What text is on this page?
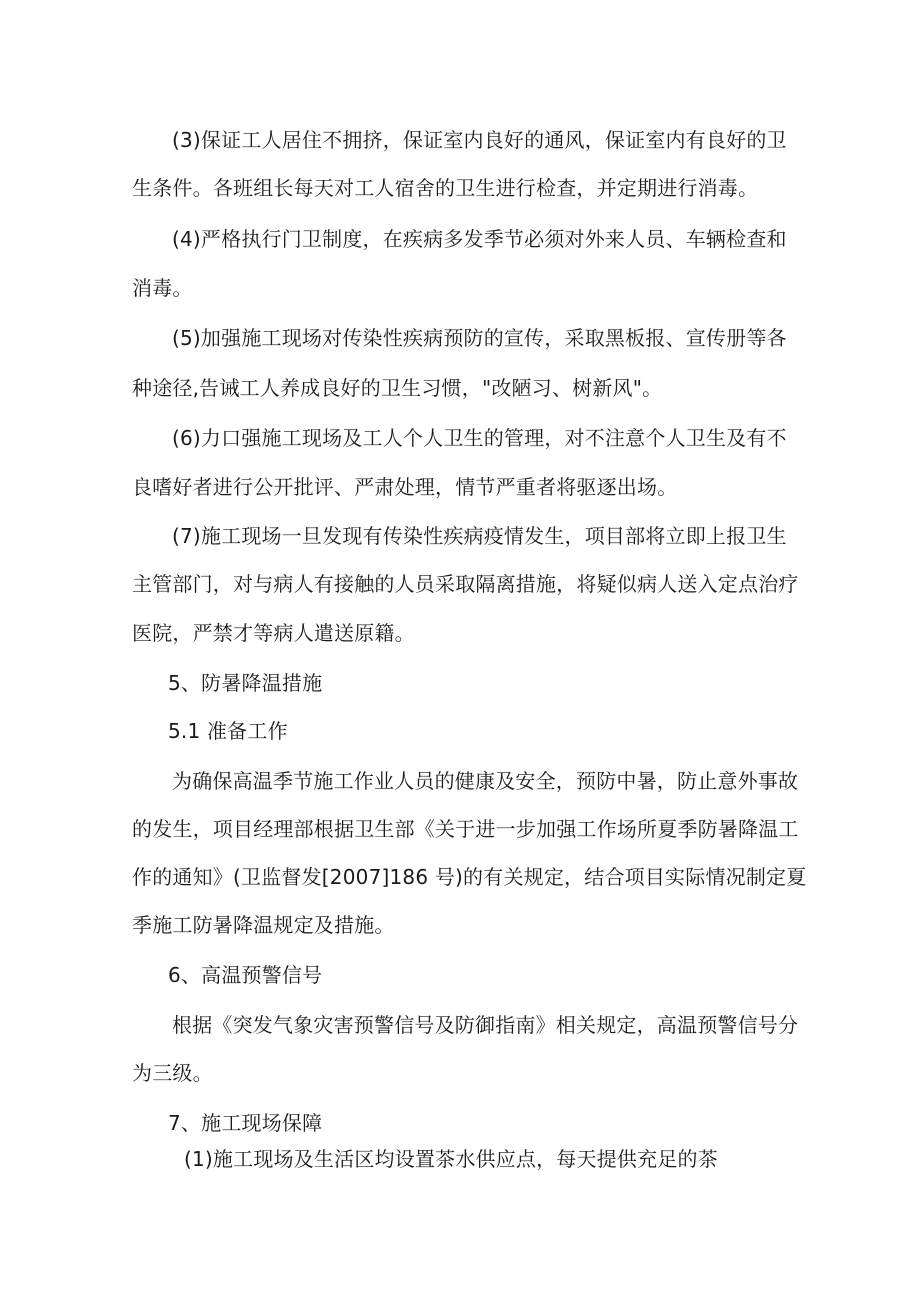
(3)保证工人居住不拥挤，保证室内良好的通风，保证室内有良好的卫
生条件。各班组长每天对工人宿舍的卫生进行检查，并定期进行消毒。
(4)严格执行门卫制度，在疾病多发季节必须对外来人员、车辆检查和
消毒。
(5)加强施工现场对传染性疾病预防的宣传，采取黑板报、宣传册等各
种途径,告诫工人养成良好的卫生习惯，"改陋习、树新风"。
(6)力口强施工现场及工人个人卫生的管理，对不注意个人卫生及有不
良嗜好者进行公开批评、严肃处理，情节严重者将驱逐出场。
(7)施工现场一旦发现有传染性疾病疫情发生，项目部将立即上报卫生
主管部门，对与病人有接触的人员采取隔离措施，将疑似病人送入定点治疗
医院，严禁才等病人遣送原籍。
5、防暑降温措施
5.1 准备工作
为确保高温季节施工作业人员的健康及安全，预防中暑，防止意外事故
的发生，项目经理部根据卫生部《关于进一步加强工作场所夏季防暑降温工
作的通知》(卫监督发[2007]186 号)的有关规定，结合项目实际情况制定夏
季施工防暑降温规定及措施。
6、高温预警信号
根据《突发气象灾害预警信号及防御指南》相关规定，高温预警信号分
为三级。
7、施工现场保障
(1)施工现场及生活区均设置茶水供应点，每天提供充足的茶
